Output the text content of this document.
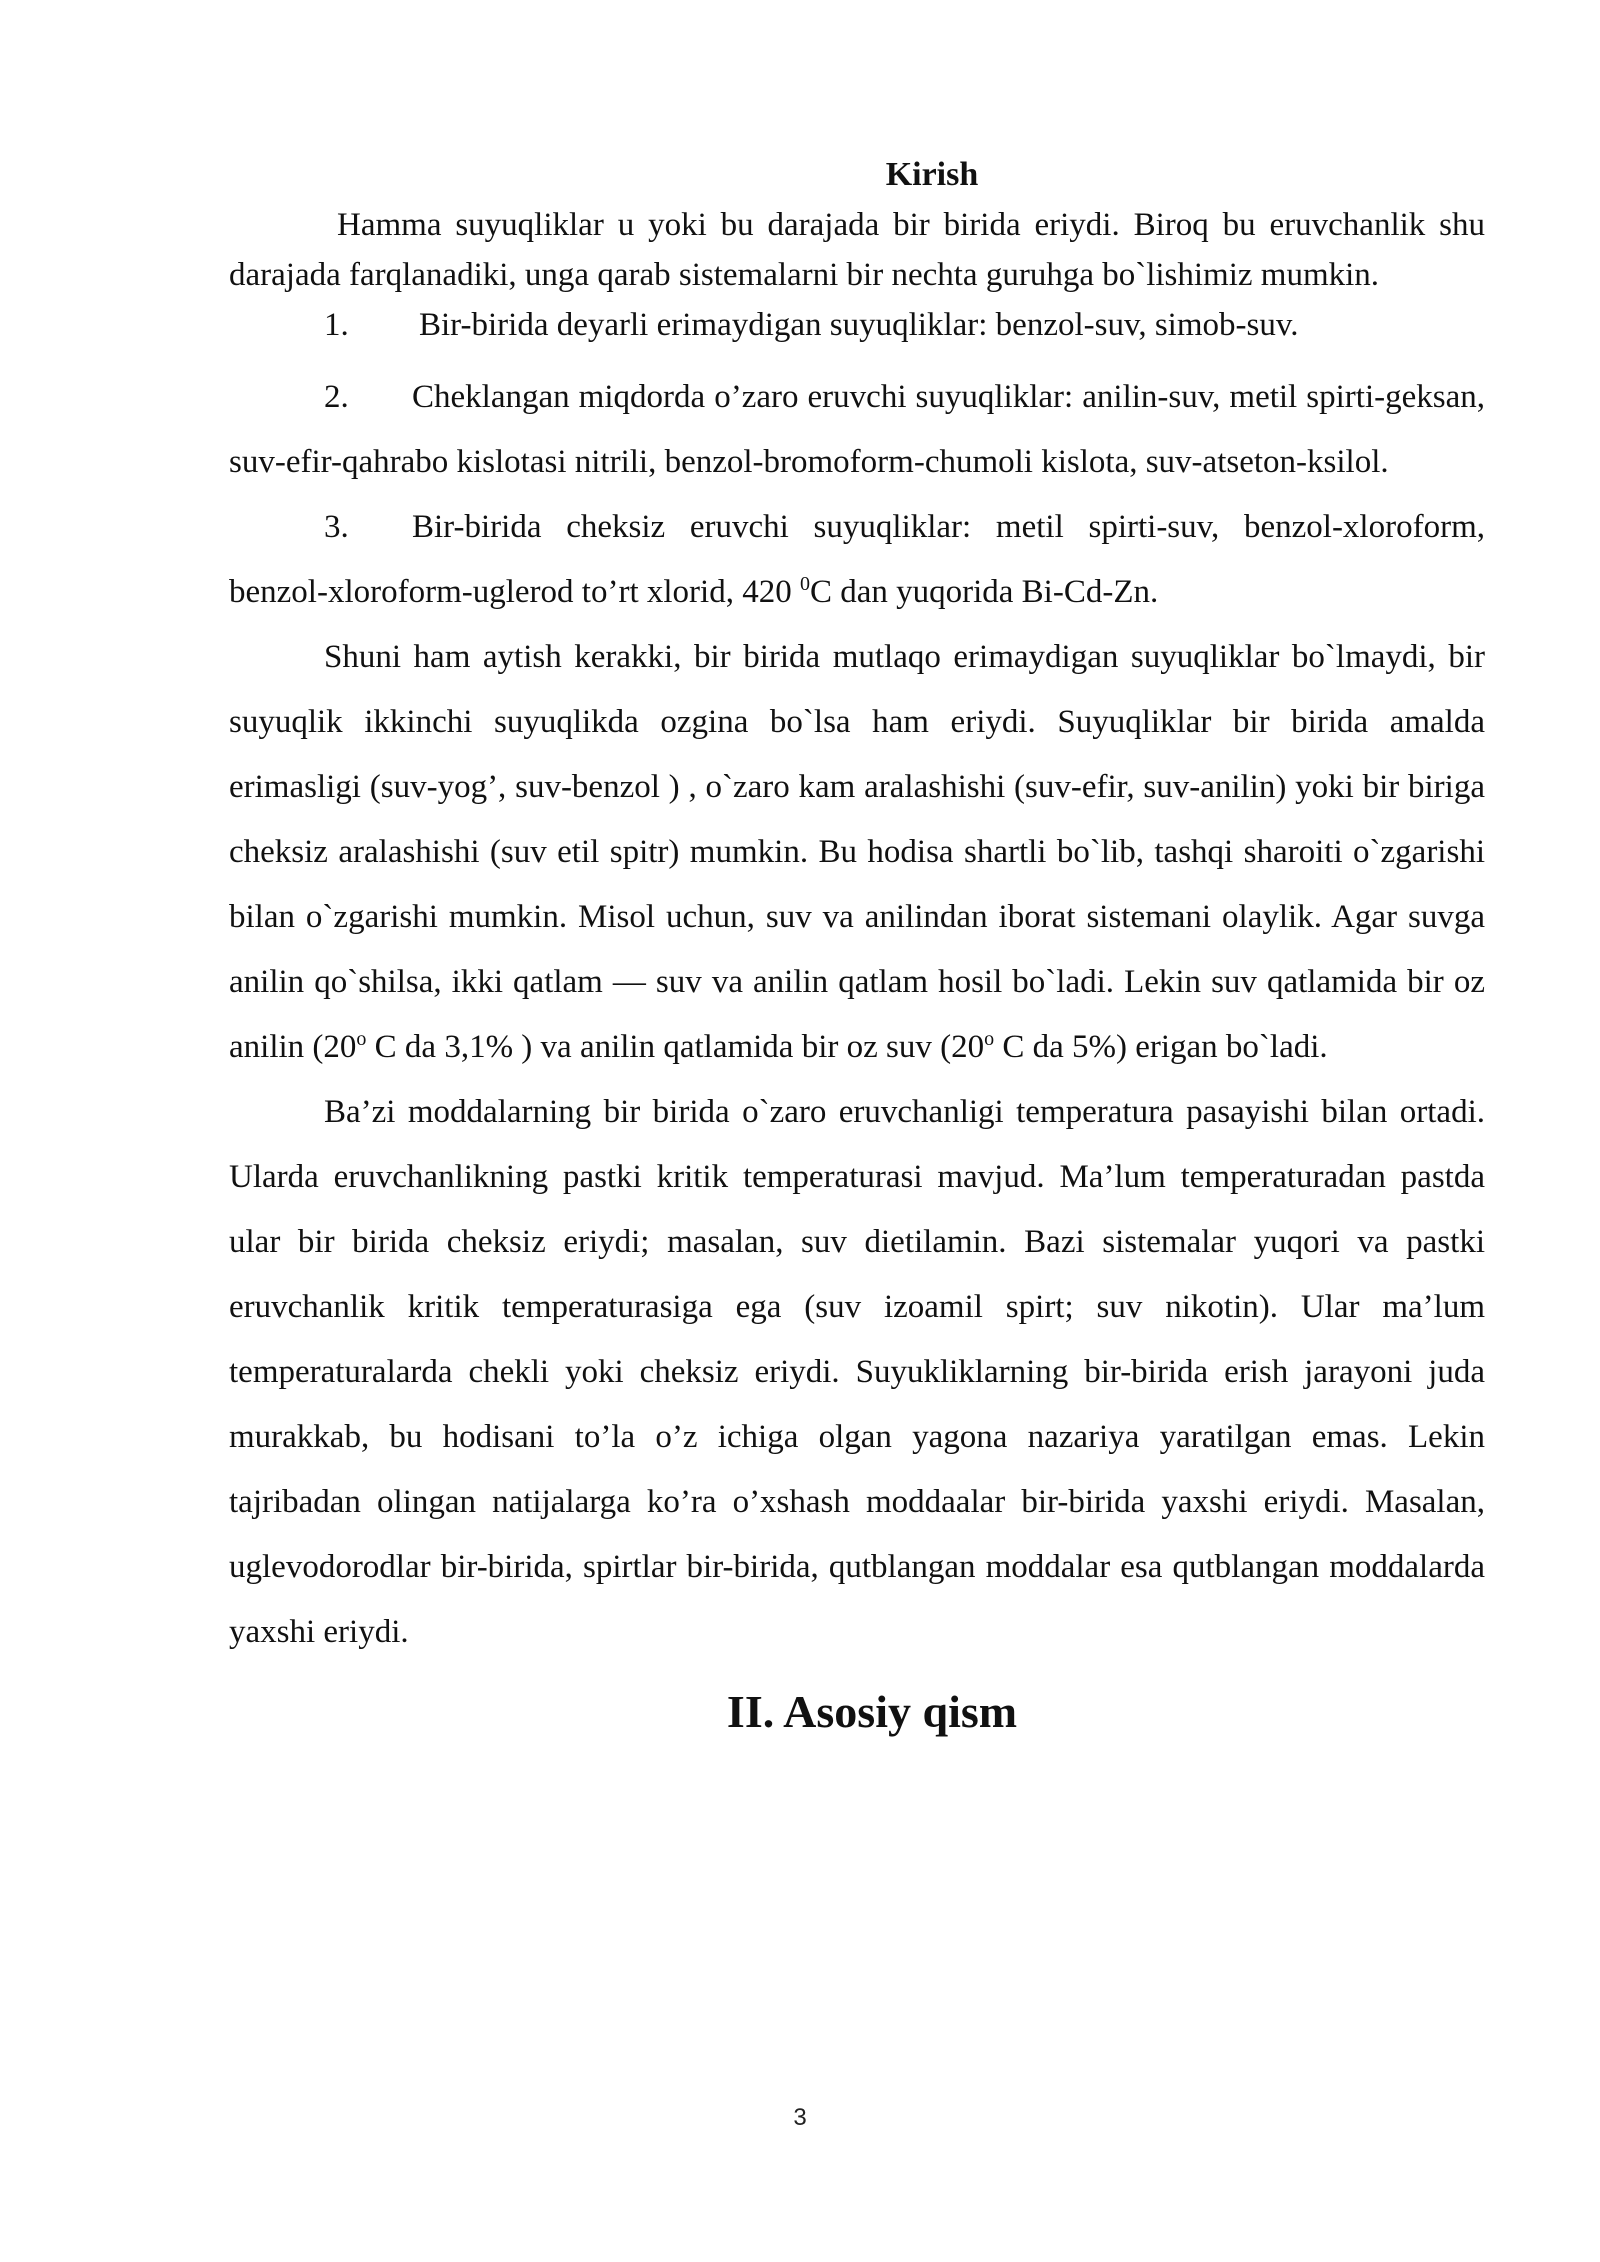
Kirish

Hamma suyuqliklar u yoki bu darajada bir birida eriydi. Biroq bu eruvchanlik shu darajada farqlanadiki, unga qarab sistemalarni bir nechta guruhga bo`lishimiz mumkin.

1. Bir-birida deyarli erimaydigan suyuqliklar: benzol-suv, simob-suv.

2. Cheklangan miqdorda o’zaro eruvchi suyuqliklar: anilin-suv, metil spirti-geksan, suv-efir-qahrabo kislotasi nitrili, benzol-bromoform-chumoli kislota, suv-atseton-ksilol.

3. Bir-birida cheksiz eruvchi suyuqliklar: metil spirti-suv, benzol-xloroform, benzol-xloroform-uglerod to’rt xlorid, 420 $^0$C dan yuqorida Bi-Cd-Zn.

Shuni ham aytish kerakki, bir birida mutlaqo erimaydigan suyuqliklar bo`lmaydi, bir suyuqlik ikkinchi suyuqlikda ozgina bo`lsa ham eriydi. Suyuqliklar bir birida amalda erimasligi (suv-yog’, suv-benzol ) , o`zaro kam aralashishi (suv-efir, suv-anilin) yoki bir biriga cheksiz aralashishi (suv etil spitr) mumkin. Bu hodisa shartli bo`lib, tashqi sharoiti o`zgarishi bilan o`zgarishi mumkin. Misol uchun, suv va anilindan iborat sistemani olaylik. Agar suvga anilin qo`shilsa, ikki qatlam — suv va anilin qatlam hosil bo`ladi. Lekin suv qatlamida bir oz anilin (20$^o$ C da 3,1% ) va anilin qatlamida bir oz suv (20$^o$ C da 5%) erigan bo`ladi.

Ba’zi moddalarning bir birida o`zaro eruvchanligi temperatura pasayishi bilan ortadi. Ularda eruvchanlikning pastki kritik temperaturasi mavjud. Ma’lum temperaturadan pastda ular bir birida cheksiz eriydi; masalan, suv dietilamin. Bazi sistemalar yuqori va pastki eruvchanlik kritik temperaturasiga ega (suv izoamil spirt; suv nikotin). Ular ma’lum temperaturalarda chekli yoki cheksiz eriydi. Suyukliklarning bir-birida erish jarayoni juda murakkab, bu hodisani to’la o’z ichiga olgan yagona nazariya yaratilgan emas. Lekin tajribadan olingan natijalarga ko’ra o’xshash moddaalar bir-birida yaxshi eriydi. Masalan, uglevodorodlar bir-birida, spirtlar bir-birida, qutblangan moddalar esa qutblangan moddalarda yaxshi eriydi.

II. Asosiy qism
3
